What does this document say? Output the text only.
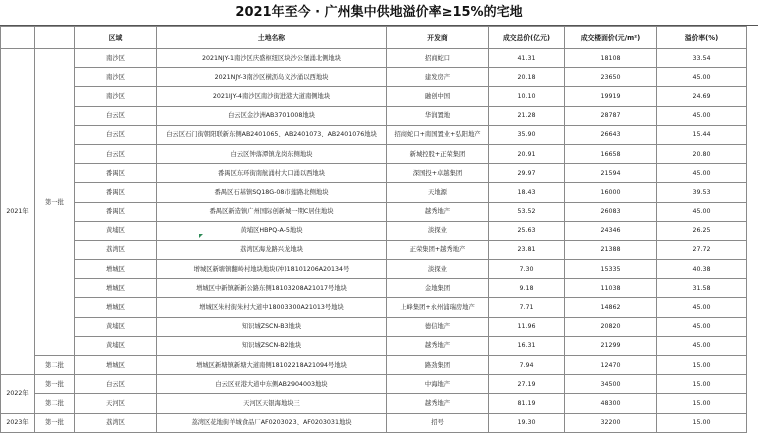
2021年至今 · 广州集中供地溢价率≥15%的宅地
		区域	土地名称	开发商	成交总价(亿元)	成交楼面价(元/m²)	溢价率(%)
2021年	第一批	南沙区	2021NJY-1南沙区庆盛枢纽区块沙公堡涌北侧地块	招商蛇口	41.31	18108	33.54
		南沙区	2021NJY-3南沙区横沥岛义沙涌以西地块	建发房产	20.18	23650	45.00
		南沙区	2021IJY-4南沙区南沙街进港大道南侧地块	融创中国	10.10	19919	24.69
		白云区	白云区金沙洲AB3701008地块	华润置地	21.28	28787	45.00
		白云区	白云区石门街朝阳联新东侧AB2401065、AB2401073、AB2401076地块	招商蛇口+南国置业+弘阳地产	35.90	26643	15.44
		白云区	白云区钟落潭镇龙岗东侧地块	新城控股+正荣集团	20.91	16658	20.80
		番禺区	番禺区东环街南航涌村大口涌以西地块	深国投+卓越集团	29.97	21594	45.00
		番禺区	番禺区石基镇SQ18G-08市莲路北侧地块	天地源	18.43	16000	39.53
		番禺区	番禺区新造镇广州国际创新城一期C居住地块	越秀地产	53.52	26083	45.00
		黄埔区	黄埔区HBPQ-A-5地块	淡探业	25.63	24346	26.25
		荔湾区	荔湾区海龙路兴龙地块	正荣集团+越秀地产	23.81	21388	27.72
		增城区	增城区新塘镇翻岭村地块地块(冲)18101206A20134号	淡探业	7.30	15335	40.38
		增城区	增城区中新镇新新公路东侧18103208A21017号地块	金地集团	9.18	11038	31.58
		增城区	增城区朱村街朱村大道中18003300A21013号地块	上峰集团+永州浦瑞房地产	7.71	14862	45.00
		黄埔区	知识城ZSCN-B3地块	德信地产	11.96	20820	45.00
		黄埔区	知识城ZSCN-B2地块	越秀地产	16.31	21299	45.00
	第二批	增城区	增城区新塘镇新塘大道南侧18102218A21094号地块	路劲集团	7.94	12470	15.00
2022年	第一批	白云区	白云区亚港大道中东侧AB2904003地块	中海地产	27.19	34500	15.00
	第二批	天河区	天河区天银海地块三	越秀地产	81.19	48300	15.00
2023年	第一批	荔湾区	荔湾区花地街羊城食品厂AF0203023、AF0203031地块	招号	19.30	32200	15.00
